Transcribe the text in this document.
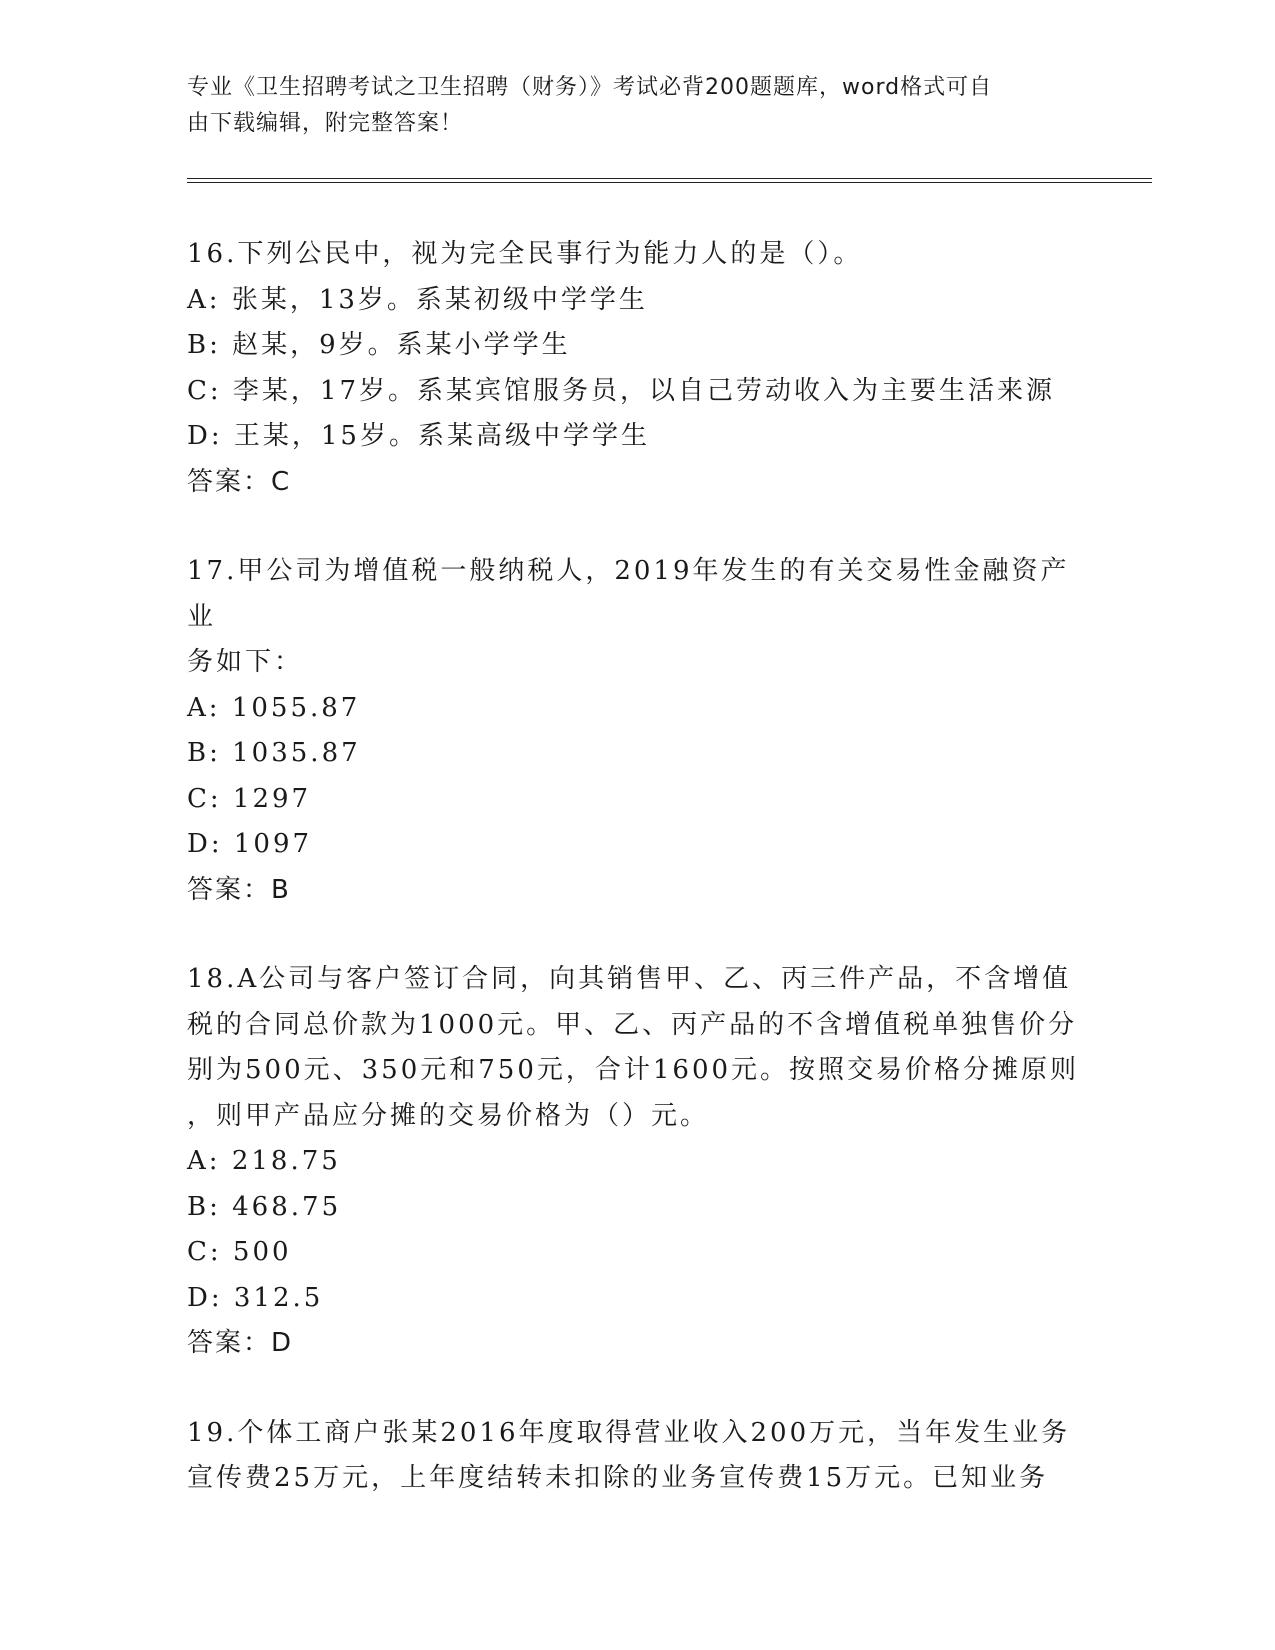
专业《卫生招聘考试之卫生招聘（财务）》考试必背200题题库，word格式可自
由下载编辑，附完整答案！

16.下列公民中，视为完全民事行为能力人的是（）。

A: 张某，13岁。系某初级中学学生

B: 赵某，9岁。系某小学学生

C: 李某，17岁。系某宾馆服务员，以自己劳动收入为主要生活来源

D: 王某，15岁。系某高级中学学生

答案：C

17.甲公司为增值税一般纳税人，2019年发生的有关交易性金融资产业
务如下：

A: 1055.87

B: 1035.87

C: 1297

D: 1097

答案：B

18.A公司与客户签订合同，向其销售甲、乙、丙三件产品，不含增值
税的合同总价款为1000元。甲、乙、丙产品的不含增值税单独售价分
别为500元、350元和750元，合计1600元。按照交易价格分摊原则
，则甲产品应分摊的交易价格为（）元。

A: 218.75

B: 468.75

C: 500

D: 312.5

答案：D

19.个体工商户张某2016年度取得营业收入200万元，当年发生业务
宣传费25万元，上年度结转未扣除的业务宣传费15万元。已知业务
